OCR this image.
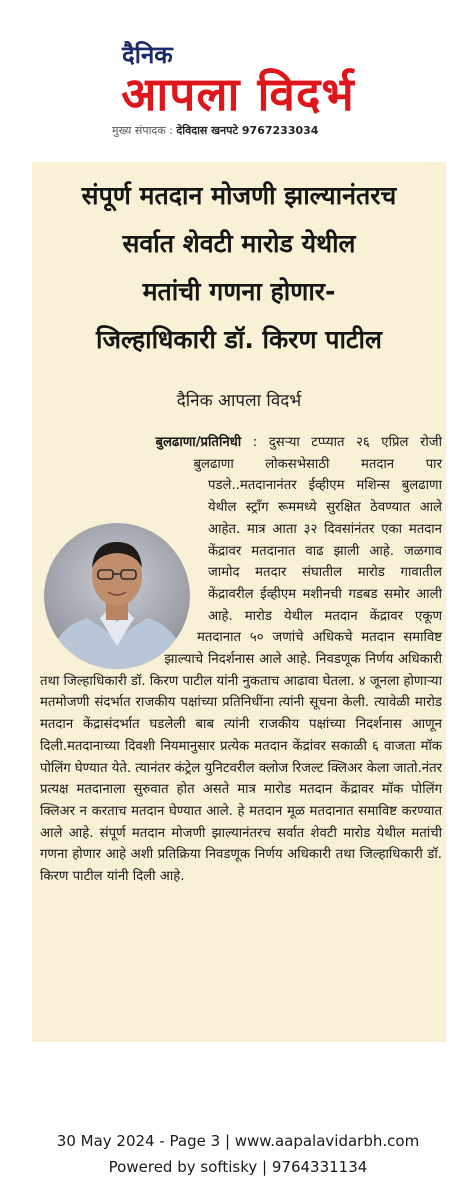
दैनिक
आपला विदर्भ
मुख्य संपादक : देविदास खनपटे 9767233034
संपूर्ण मतदान मोजणी झाल्यानंतरच
सर्वात शेवटी मारोड येथील
मतांची गणना होणार-
जिल्हाधिकारी डॉ. किरण पाटील
दैनिक आपला विदर्भ
बुलढाणा/प्रतिनिधी : दुसऱ्या टप्प्यात २६ एप्रिल रोजी बुलढाणा लोकसभेसाठी मतदान पार पडले..मतदानानंतर ईव्हीएम मशिन्स बुलढाणा येथील स्ट्रॉंग रूममध्ये सुरक्षित ठेवण्यात आले आहेत. मात्र आता ३२ दिवसांनंतर एका मतदान केंद्रावर मतदानात वाढ झाली आहे. जळगाव जामोद मतदार संघातील मारोड गावातील केंद्रावरील ईव्हीएम मशीनची गडबड समोर आली आहे. मारोड येथील मतदान केंद्रावर एकूण मतदानात ५० जणांचे अधिकचे मतदान समाविष्ट झाल्याचे निदर्शनास आले आहे. निवडणूक निर्णय अधिकारी तथा जिल्हाधिकारी डॉ. किरण पाटील यांनी नुकताच आढावा घेतला. ४ जूनला होणाऱ्या मतमोजणी संदर्भात राजकीय पक्षांच्या प्रतिनिधींना त्यांनी सूचना केली. त्यावेळी मारोड मतदान केंद्रासंदर्भात घडलेली बाब त्यांनी राजकीय पक्षांच्या निदर्शनास आणून दिली.मतदानाच्या दिवशी नियमानुसार प्रत्येक मतदान केंद्रांवर सकाळी ६ वाजता मॉक पोलिंग घेण्यात येते. त्यानंतर कंट्रेल युनिटवरील क्लोज रिजल्ट क्लिअर केला जातो.नंतर प्रत्यक्ष मतदानाला सुरुवात होत असते मात्र मारोड मतदान केंद्रावर मॉक पोलिंग क्लिअर न करताच मतदान घेण्यात आले. हे मतदान मूळ मतदानात समाविष्ट करण्यात आले आहे. संपूर्ण मतदान मोजणी झाल्यानंतरच सर्वात शेवटी मारोड येथील मतांची गणना होणार आहे अशी प्रतिक्रिया निवडणूक निर्णय अधिकारी तथा जिल्हाधिकारी डॉ. किरण पाटील यांनी दिली आहे.
30 May 2024 - Page 3 | www.aapalavidarbh.com
Powered by softisky | 9764331134
